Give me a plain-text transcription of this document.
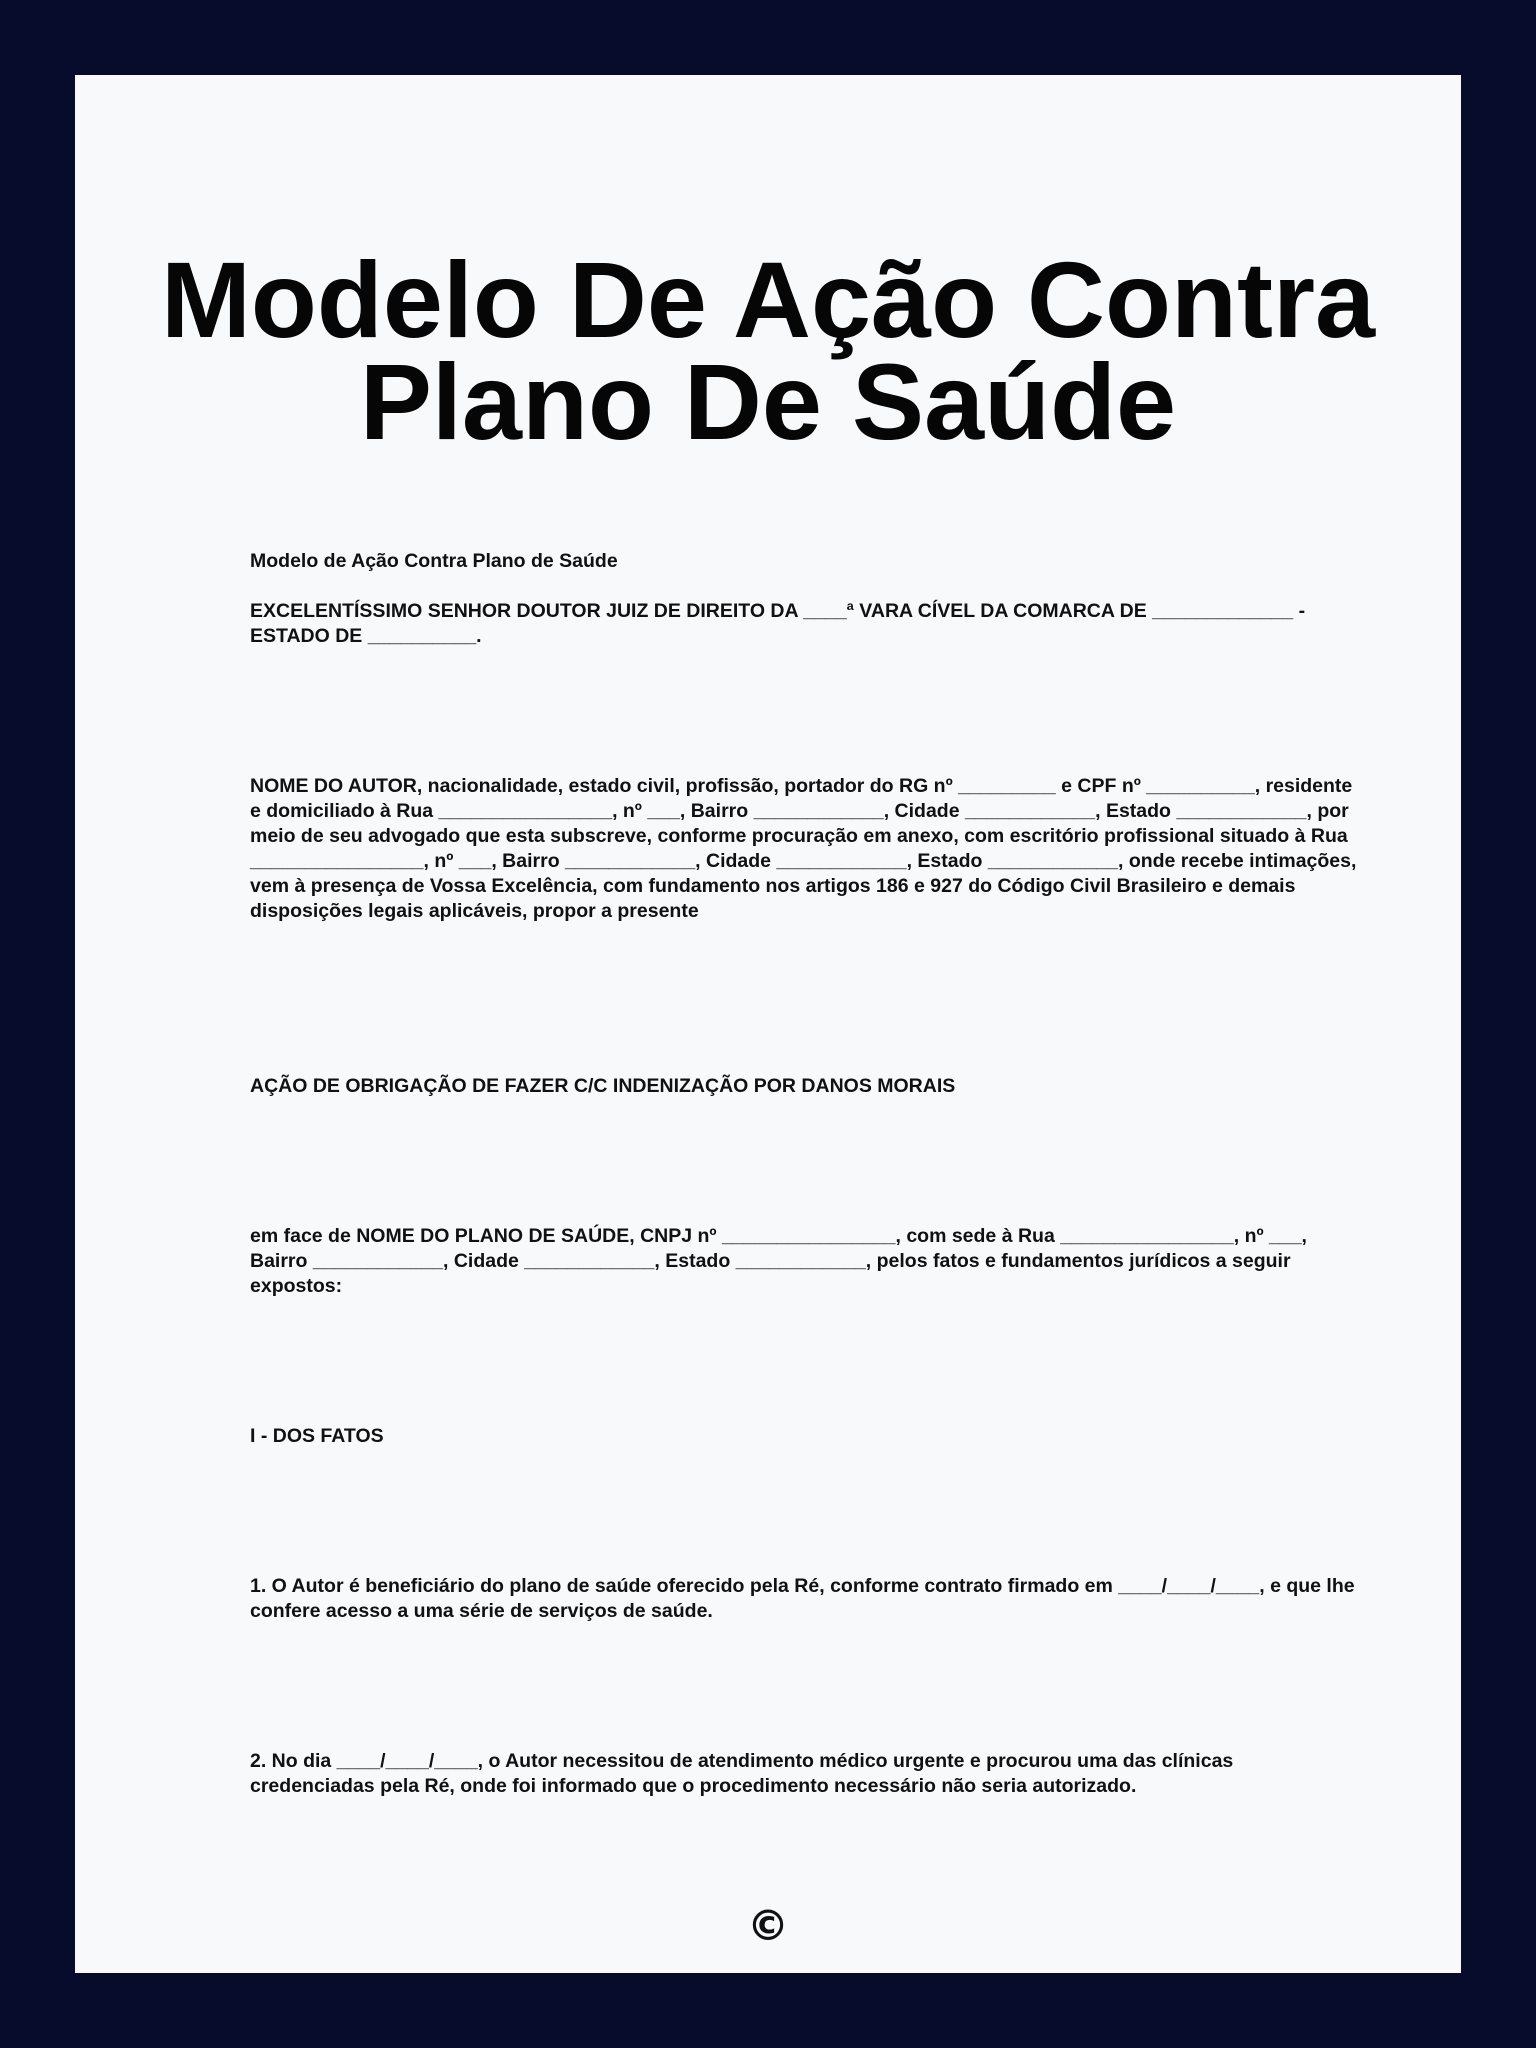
Modelo De Ação Contra
Plano De Saúde

Modelo de Ação Contra Plano de Saúde

EXCELENTÍSSIMO SENHOR DOUTOR JUIZ DE DIREITO DA ____ª VARA CÍVEL DA COMARCA DE _____________ - ESTADO DE __________.

NOME DO AUTOR, nacionalidade, estado civil, profissão, portador do RG nº _________ e CPF nº __________, residente e domiciliado à Rua ________________, nº ___, Bairro ____________, Cidade ____________, Estado ____________, por meio de seu advogado que esta subscreve, conforme procuração em anexo, com escritório profissional situado à Rua ________________, nº ___, Bairro ____________, Cidade ____________, Estado ____________, onde recebe intimações, vem à presença de Vossa Excelência, com fundamento nos artigos 186 e 927 do Código Civil Brasileiro e demais disposições legais aplicáveis, propor a presente

AÇÃO DE OBRIGAÇÃO DE FAZER C/C INDENIZAÇÃO POR DANOS MORAIS

em face de NOME DO PLANO DE SAÚDE, CNPJ nº ________________, com sede à Rua ________________, nº ___, Bairro ____________, Cidade ____________, Estado ____________, pelos fatos e fundamentos jurídicos a seguir expostos:

I - DOS FATOS

1. O Autor é beneficiário do plano de saúde oferecido pela Ré, conforme contrato firmado em ____/____/____, e que lhe confere acesso a uma série de serviços de saúde.

2. No dia ____/____/____, o Autor necessitou de atendimento médico urgente e procurou uma das clínicas credenciadas pela Ré, onde foi informado que o procedimento necessário não seria autorizado.

©
